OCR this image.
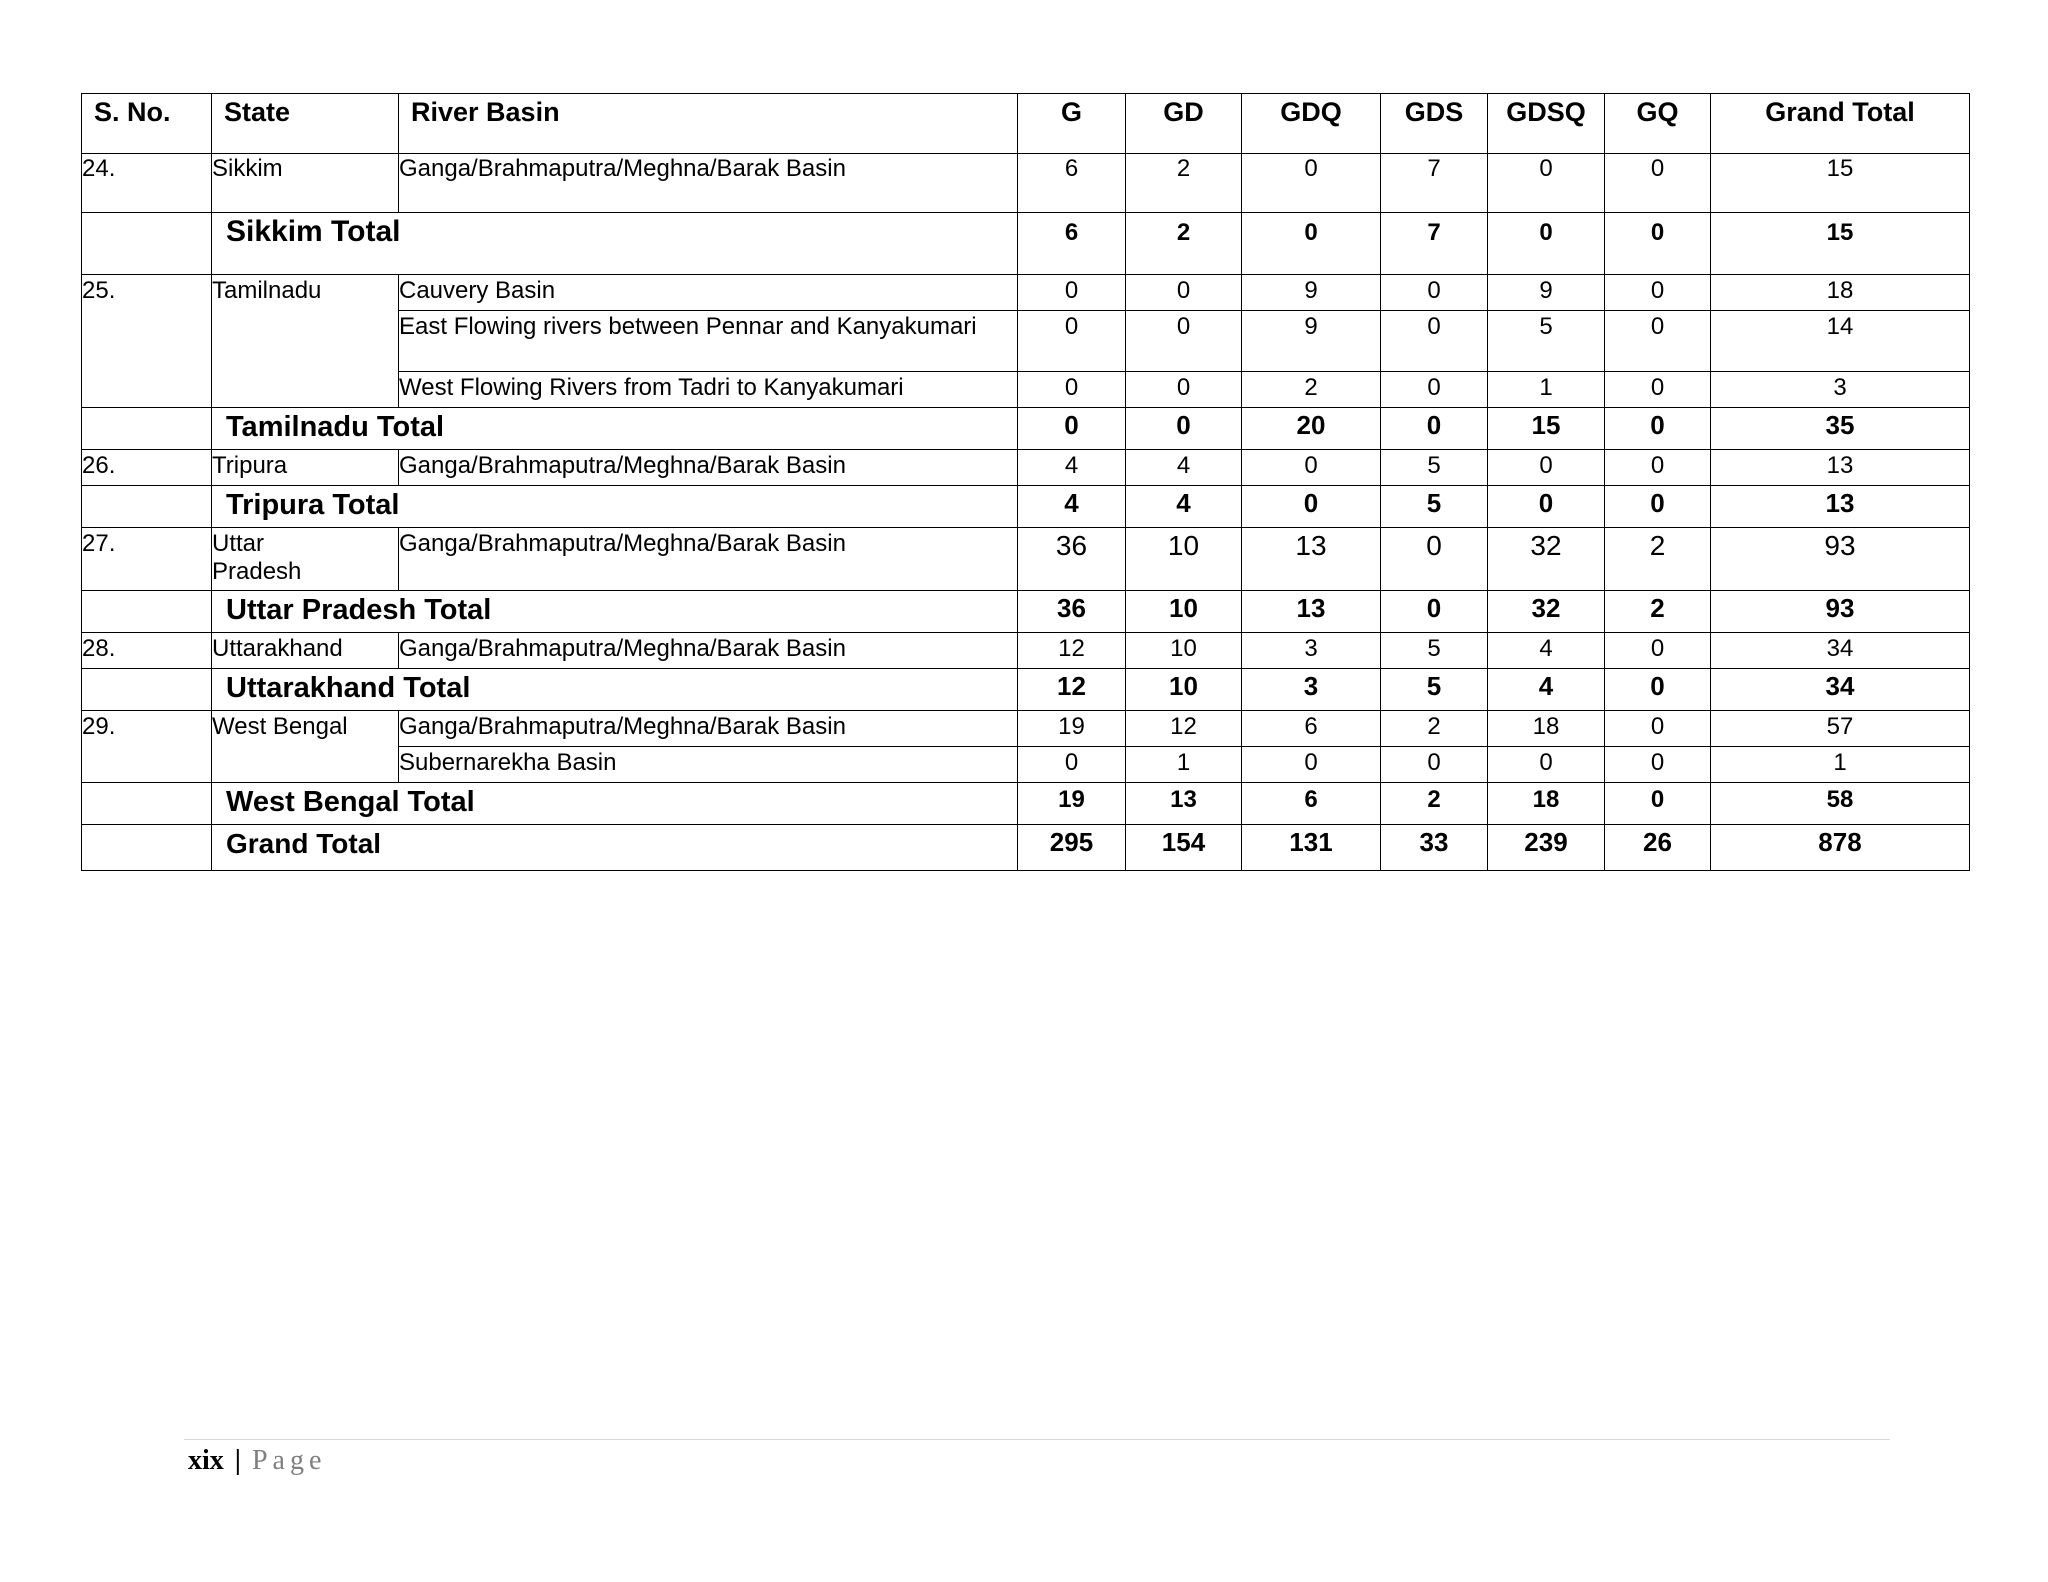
S. No.	State	River Basin	G	GD	GDQ	GDS	GDSQ	GQ	Grand Total
24.	Sikkim	Ganga/Brahmaputra/Meghna/Barak Basin	6	2	0	7	0	0	15
	Sikkim Total		6	2	0	7	0	0	15
25.	Tamilnadu	Cauvery Basin	0	0	9	0	9	0	18
		East Flowing rivers between Pennar and Kanyakumari	0	0	9	0	5	0	14
		West Flowing Rivers from Tadri to Kanyakumari	0	0	2	0	1	0	3
	Tamilnadu Total		0	0	20	0	15	0	35
26.	Tripura	Ganga/Brahmaputra/Meghna/Barak Basin	4	4	0	5	0	0	13
	Tripura Total		4	4	0	5	0	0	13
27.	Uttar Pradesh	Ganga/Brahmaputra/Meghna/Barak Basin	36	10	13	0	32	2	93
	Uttar Pradesh Total		36	10	13	0	32	2	93
28.	Uttarakhand	Ganga/Brahmaputra/Meghna/Barak Basin	12	10	3	5	4	0	34
	Uttarakhand Total		12	10	3	5	4	0	34
29.	West Bengal	Ganga/Brahmaputra/Meghna/Barak Basin	19	12	6	2	18	0	57
		Subernarekha Basin	0	1	0	0	0	0	1
	West Bengal Total		19	13	6	2	18	0	58
	Grand Total		295	154	131	33	239	26	878
xix | Page
